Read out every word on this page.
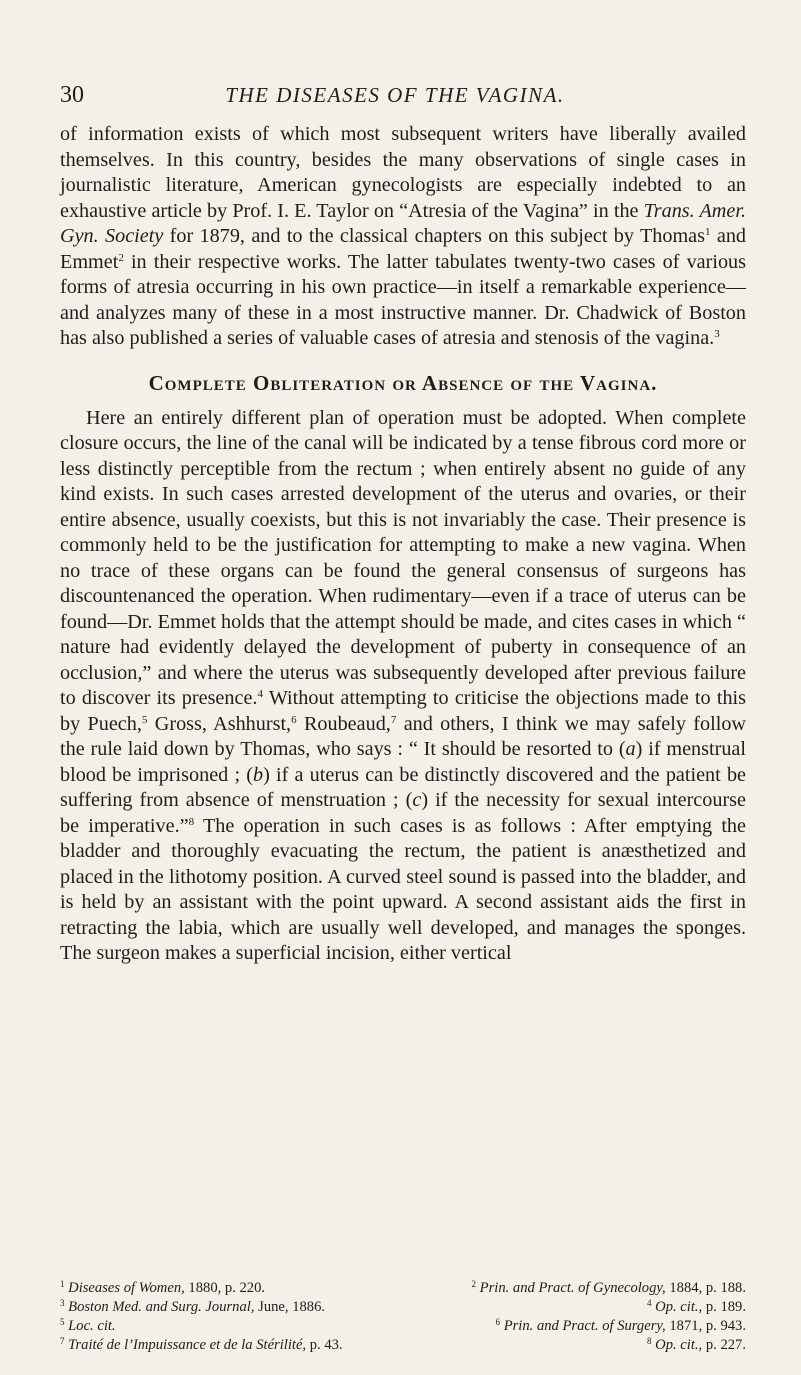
30	THE DISEASES OF THE VAGINA.

of information exists of which most subsequent writers have liberally availed themselves. In this country, besides the many observations of single cases in journalistic literature, American gynecologists are especially indebted to an exhaustive article by Prof. I. E. Taylor on “Atresia of the Vagina” in the Trans. Amer. Gyn. Society for 1879, and to the classical chapters on this subject by Thomas$^1$ and Emmet$^2$ in their respective works. The latter tabulates twenty-two cases of various forms of atresia occurring in his own practice—in itself a remarkable experience—and analyzes many of these in a most instructive manner. Dr. Chadwick of Boston has also published a series of valuable cases of atresia and stenosis of the vagina.$^3$

Complete Obliteration or Absence of the Vagina.

Here an entirely different plan of operation must be adopted. When complete closure occurs, the line of the canal will be indicated by a tense fibrous cord more or less distinctly perceptible from the rectum ; when entirely absent no guide of any kind exists. In such cases arrested development of the uterus and ovaries, or their entire absence, usually coexists, but this is not invariably the case. Their presence is commonly held to be the justification for attempting to make a new vagina. When no trace of these organs can be found the general consensus of surgeons has discountenanced the operation. When rudimentary—even if a trace of uterus can be found—Dr. Emmet holds that the attempt should be made, and cites cases in which “ nature had evidently delayed the development of puberty in consequence of an occlusion,” and where the uterus was subsequently developed after previous failure to discover its presence.$^4$ Without attempting to criticise the objections made to this by Puech,$^5$ Gross, Ashhurst,$^6$ Roubeaud,$^7$ and others, I think we may safely follow the rule laid down by Thomas, who says : “ It should be resorted to (a) if menstrual blood be imprisoned ; (b) if a uterus can be distinctly discovered and the patient be suffering from absence of menstruation ; (c) if the necessity for sexual intercourse be imperative.”$^8$ The operation in such cases is as follows : After emptying the bladder and thoroughly evacuating the rectum, the patient is anæsthetized and placed in the lithotomy position. A curved steel sound is passed into the bladder, and is held by an assistant with the point upward. A second assistant aids the first in retracting the labia, which are usually well developed, and manages the sponges. The surgeon makes a superficial incision, either vertical

$^1$ Diseases of Women, 1880, p. 220.	$^2$ Prin. and Pract. of Gynecology, 1884, p. 188.
$^3$ Boston Med. and Surg. Journal, June, 1886.	$^4$ Op. cit., p. 189.
$^5$ Loc. cit.	$^6$ Prin. and Pract. of Surgery, 1871, p. 943.
$^7$ Traité de l’Impuissance et de la Stérilité, p. 43.	$^8$ Op. cit., p. 227.
